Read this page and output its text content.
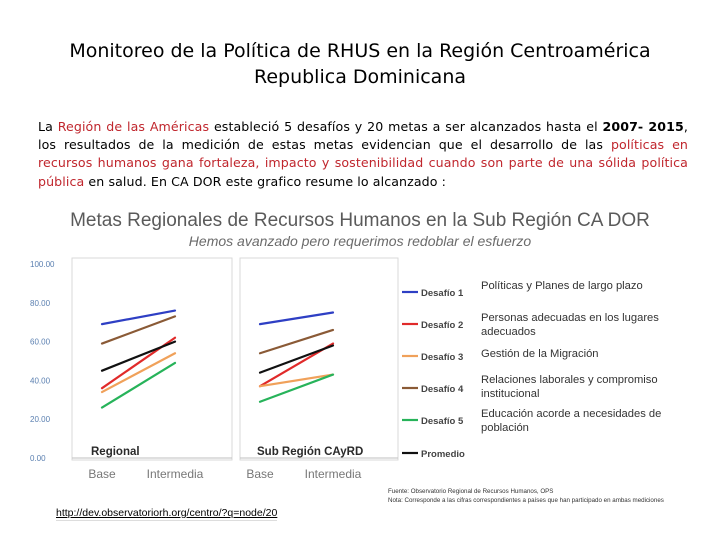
Monitoreo de la Política de RHUS en la Región Centroamérica
Republica Dominicana
La Región de las Américas estableció 5 desafíos y 20 metas a ser alcanzados hasta el 2007- 2015, los resultados de la medición de estas metas evidencian que el desarrollo de las políticas en recursos humanos gana fortaleza, impacto y sostenibilidad cuando son parte de una sólida política pública en salud. En CA DOR este grafico resume lo alcanzado :
Metas Regionales de Recursos Humanos en la Sub Región CA DOR
Hemos avanzado pero requerimos redoblar el esfuerzo
100.00
80.00
60.00
40.00
20.00
0.00
Regional
Base	Intermedia
Sub Región CAyRD
Base	Intermedia
Desafío 1
Desafío 2
Desafío 3
Desafío 4
Desafío 5
Promedio
Fuente: Observatorio Regional de Recursos Humanos, OPS
Nota: Corresponde a las cifras correspondientes a países que han participado en ambas mediciones
http://dev.observatoriorh.org/centro/?q=node/20
Políticas y Planes de largo plazo
Personas adecuadas en los lugares adecuados
Gestión de la Migración
Relaciones laborales y compromiso institucional
Educación acorde a necesidades de población
